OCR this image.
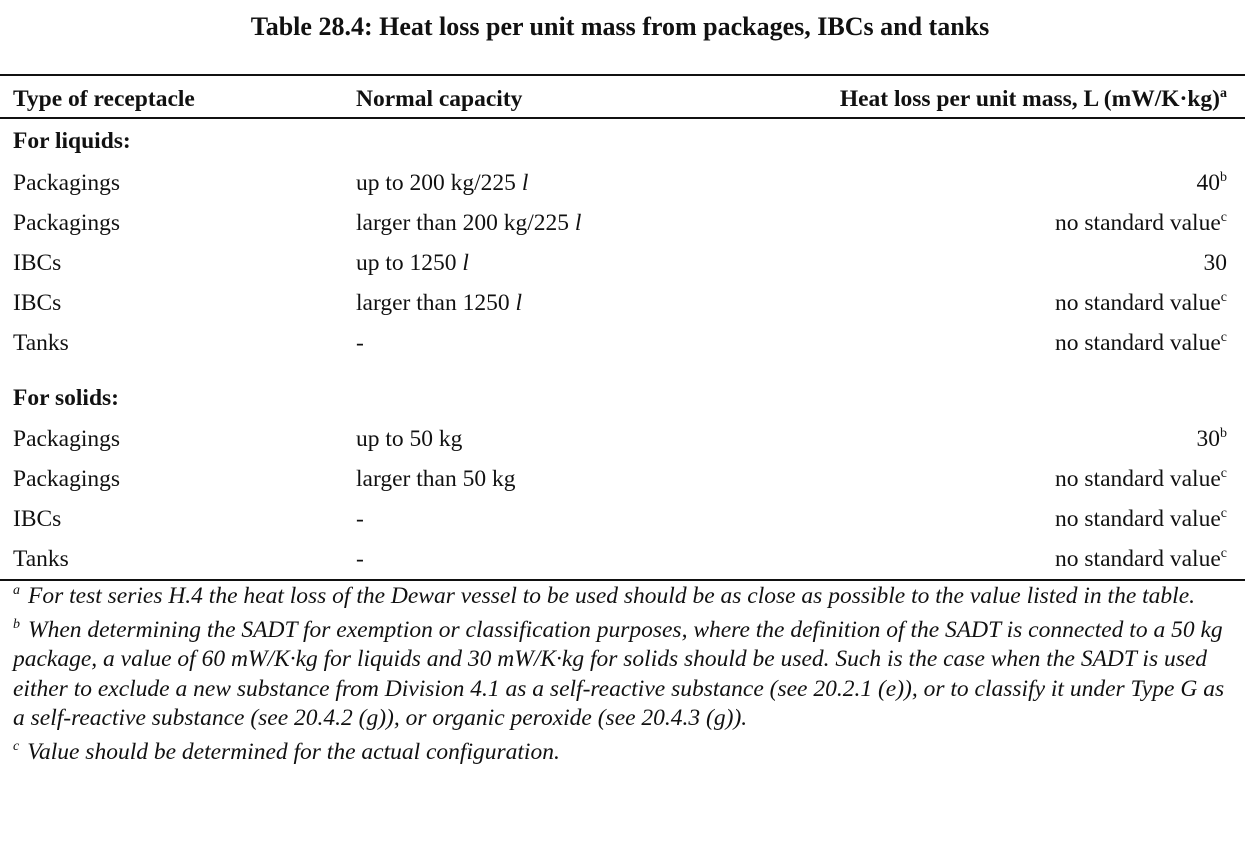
Table 28.4: Heat loss per unit mass from packages, IBCs and tanks
Type of receptacle	Normal capacity	Heat loss per unit mass, L $(mW/K\cdot kg)^a$
For liquids:		
Packagings	up to 200 kg/225 l	40$^b$
Packagings	larger than 200 kg/225 l	no standard value$^c$
IBCs	up to 1250 l	30
IBCs	larger than 1250 l	no standard value$^c$
Tanks	-	no standard value$^c$
For solids:		
Packagings	up to 50 kg	30$^b$
Packagings	larger than 50 kg	no standard value$^c$
IBCs	-	no standard value$^c$
Tanks	-	no standard value$^c$
$^a$ For test series H.4 the heat loss of the Dewar vessel to be used should be as close as possible to the value listed in the table.
$^b$ When determining the SADT for exemption or classification purposes, where the definition of the SADT is connected to a 50 kg package, a value of 60 mW/K·kg for liquids and 30 mW/K·kg for solids should be used. Such is the case when the SADT is used either to exclude a new substance from Division 4.1 as a self-reactive substance (see 20.2.1 (e)), or to classify it under Type G as a self-reactive substance (see 20.4.2 (g)), or organic peroxide (see 20.4.3 (g)).
$^c$ Value should be determined for the actual configuration.
